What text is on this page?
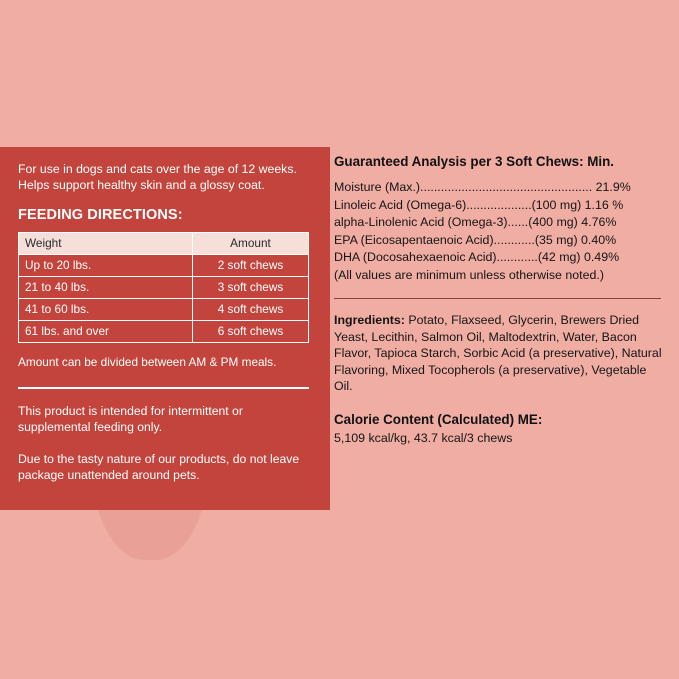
For use in dogs and cats over the age of 12 weeks. Helps support healthy skin and a glossy coat.

FEEDING DIRECTIONS:
Weight	Amount
Up to 20 lbs.	2 soft chews
21 to 40 lbs.	3 soft chews
41 to 60 lbs.	4 soft chews
61 lbs. and over	6 soft chews

Amount can be divided between AM & PM meals.

This product is intended for intermittent or supplemental feeding only.

Due to the tasty nature of our products, do not leave package unattended around pets.

Guaranteed Analysis per 3 Soft Chews: Min.
Moisture (Max.).................................................. 21.9%
Linoleic Acid (Omega-6)...................(100 mg) 1.16 %
alpha-Linolenic Acid (Omega-3)......(400 mg) 4.76%
EPA (Eicosapentaenoic Acid)............(35 mg) 0.40%
DHA (Docosahexaenoic Acid)............(42 mg) 0.49%
(All values are minimum unless otherwise noted.)

Ingredients: Potato, Flaxseed, Glycerin, Brewers Dried Yeast, Lecithin, Salmon Oil, Maltodextrin, Water, Bacon Flavor, Tapioca Starch, Sorbic Acid (a preservative), Natural Flavoring, Mixed Tocopherols (a preservative), Vegetable Oil.

Calorie Content (Calculated) ME:
5,109 kcal/kg, 43.7 kcal/3 chews
